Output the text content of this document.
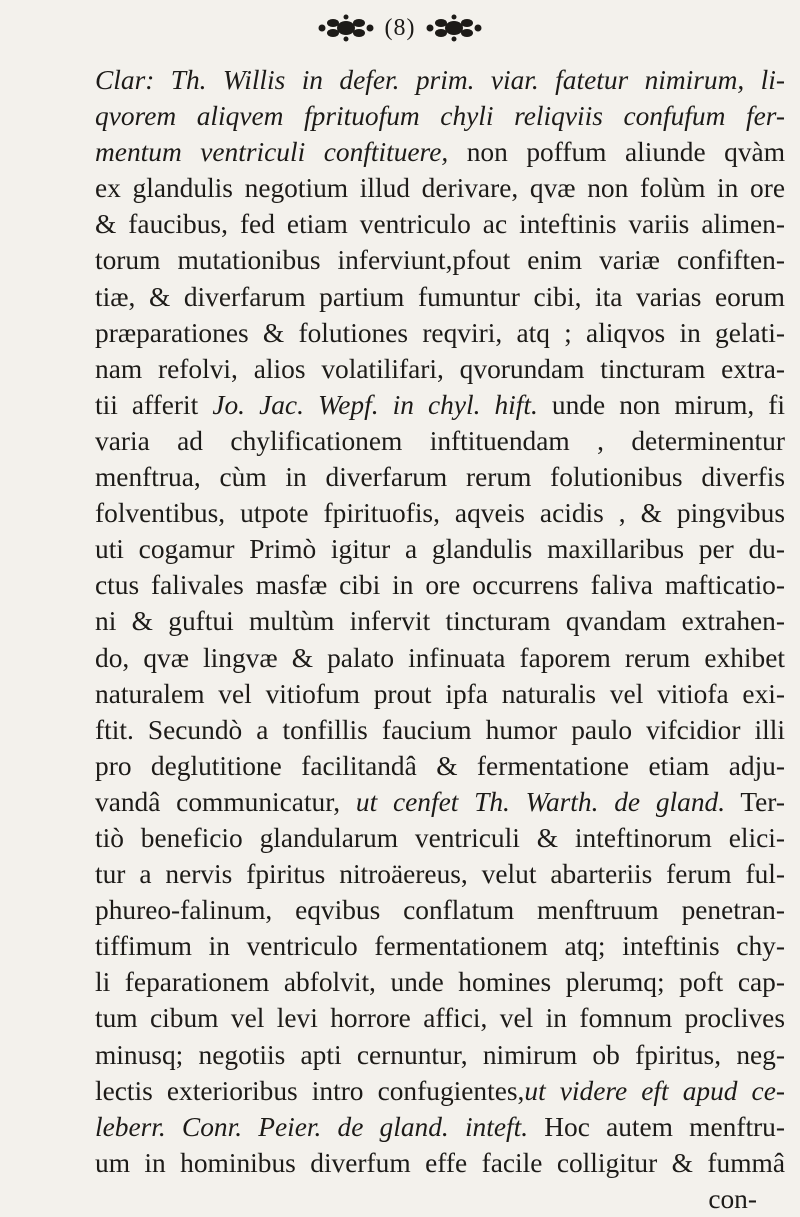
(8)
Clar: Th. Willis in defer. prim. viar. fatetur nimirum, li-
qvorem aliqvem fprituofum chyli reliqviis confufum fer-
mentum ventriculi conftituere, non poffum aliunde qvàm
ex glandulis negotium illud derivare, qvæ non folùm in ore
& faucibus, fed etiam ventriculo ac inteftinis variis alimen-
torum mutationibus inferviunt,pfout enim variæ confiften-
tiæ, & diverfarum partium fumuntur cibi, ita varias eorum
præparationes & folutiones reqviri, atq ; aliqvos in gelati-
nam refolvi, alios volatilifari, qvorundam tincturam extra-
tii afferit Jo. Jac. Wepf. in chyl. hift. unde non mirum, fi
varia ad chylificationem inftituendam , determinentur
menftrua, cùm in diverfarum rerum folutionibus diverfis
folventibus, utpote fpirituofis, aqveis acidis , & pingvibus
uti cogamur Primò igitur a glandulis maxillaribus per du-
ctus falivales masfæ cibi in ore occurrens faliva mafticatio-
ni & guftui multùm infervit tincturam qvandam extrahen-
do, qvæ lingvæ & palato infinuata faporem rerum exhibet
naturalem vel vitiofum prout ipfa naturalis vel vitiofa exi-
ftit. Secundò a tonfillis faucium humor paulo vifcidior illi
pro deglutitione facilitandâ & fermentatione etiam adju-
vandâ communicatur, ut cenfet Th. Warth. de gland. Ter-
tiò beneficio glandularum ventriculi & inteftinorum elici-
tur a nervis fpiritus nitroäereus, velut abarteriis ferum ful-
phureo-falinum, eqvibus conflatum menftruum penetran-
tiffimum in ventriculo fermentationem atq; inteftinis chy-
li feparationem abfolvit, unde homines plerumq; poft cap-
tum cibum vel levi horrore affici, vel in fomnum proclives
minusq; negotiis apti cernuntur, nimirum ob fpiritus, neg-
lectis exterioribus intro confugientes,ut videre eft apud ce-
leberr. Conr. Peier. de gland. inteft. Hoc autem menftru-
um in hominibus diverfum effe facile colligitur & fummâ
con-
